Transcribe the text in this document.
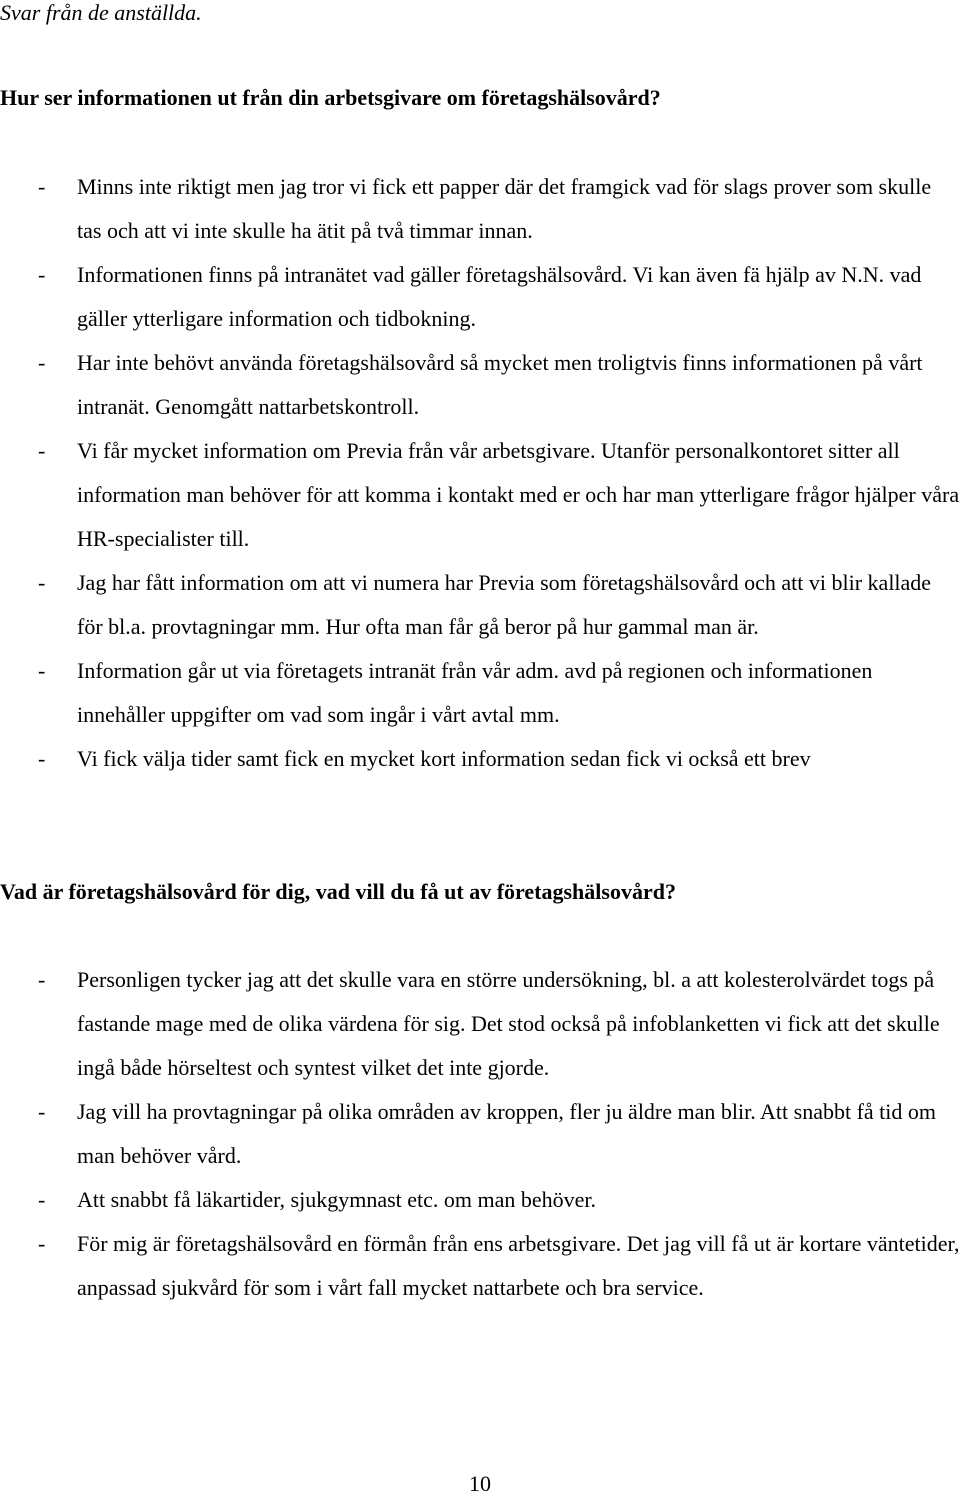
Svar från de anställda.

Hur ser informationen ut från din arbetsgivare om företagshälsovård?
- Minns inte riktigt men jag tror vi fick ett papper där det framgick vad för slags prover som skulle tas och att vi inte skulle ha ätit på två timmar innan.
- Informationen finns på intranätet vad gäller företagshälsovård. Vi kan även fä hjälp av N.N. vad gäller ytterligare information och tidbokning.
- Har inte behövt använda företagshälsovård så mycket men troligtvis finns informationen på vårt intranät. Genomgått nattarbetskontroll.
- Vi får mycket information om Previa från vår arbetsgivare. Utanför personalkontoret sitter all information man behöver för att komma i kontakt med er och har man ytterligare frågor hjälper våra HR-specialister till.
- Jag har fått information om att vi numera har Previa som företagshälsovård och att vi blir kallade för bl.a. provtagningar mm. Hur ofta man får gå beror på hur gammal man är.
- Information går ut via företagets intranät från vår adm. avd på regionen och informationen innehåller uppgifter om vad som ingår i vårt avtal mm.
- Vi fick välja tider samt fick en mycket kort information sedan fick vi också ett brev
Vad är företagshälsovård för dig, vad vill du få ut av företagshälsovård?
- Personligen tycker jag att det skulle vara en större undersökning, bl. a att kolesterolvärdet togs på fastande mage med de olika värdena för sig. Det stod också på infoblanketten vi fick att det skulle ingå både hörseltest och syntest vilket det inte gjorde.
- Jag vill ha provtagningar på olika områden av kroppen, fler ju äldre man blir. Att snabbt få tid om man behöver vård.
- Att snabbt få läkartider, sjukgymnast etc. om man behöver.
- För mig är företagshälsovård en förmån från ens arbetsgivare. Det jag vill få ut är kortare väntetider, anpassad sjukvård för som i vårt fall mycket nattarbete och bra service.
10
